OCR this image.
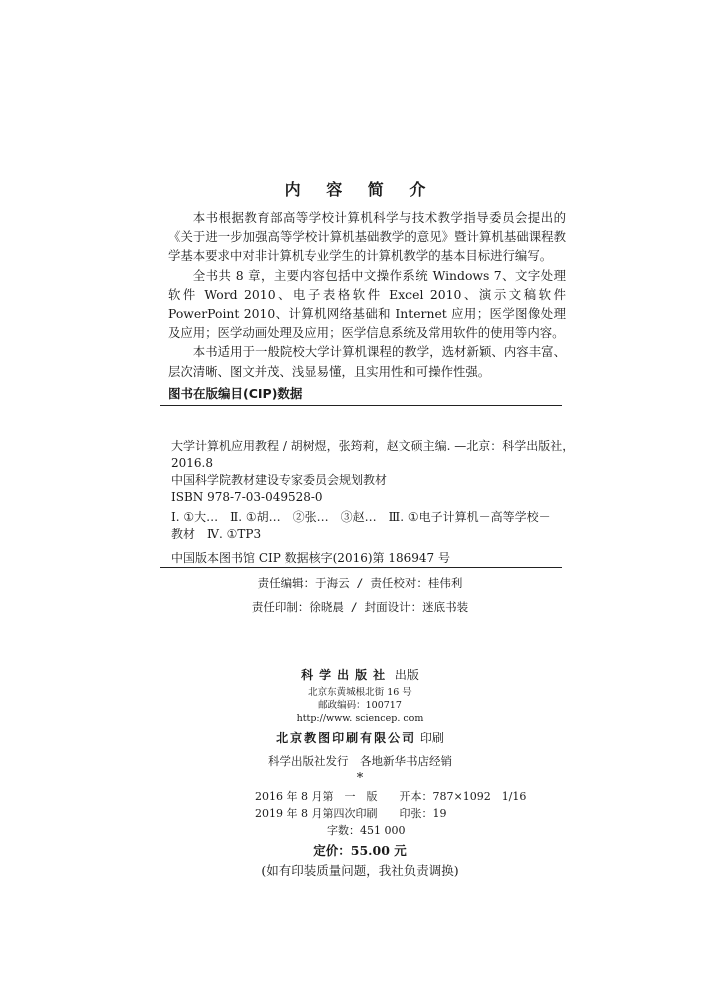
内 容 简 介

本书根据教育部高等学校计算机科学与技术教学指导委员会提出的《关于进一步加强高等学校计算机基础教学的意见》暨计算机基础课程教学基本要求中对非计算机专业学生的计算机教学的基本目标进行编写。

全书共 8 章，主要内容包括中文操作系统 Windows 7、文字处理软件 Word 2010、电子表格软件 Excel 2010、演示文稿软件 PowerPoint 2010、计算机网络基础和 Internet 应用；医学图像处理及应用；医学动画处理及应用；医学信息系统及常用软件的使用等内容。

本书适用于一般院校大学计算机课程的教学，选材新颖、内容丰富、层次清晰、图文并茂、浅显易懂，且实用性和可操作性强。

图书在版编目(CIP)数据
大学计算机应用教程 / 胡树煜，张筠莉，赵文硕主编. —北京：科学出版社，
2016.8
中国科学院教材建设专家委员会规划教材
ISBN 978-7-03-049528-0
Ⅰ. ①大…　Ⅱ. ①胡…　②张…　③赵…　Ⅲ. ①电子计算机－高等学校－
教材　Ⅳ. ①TP3
中国版本图书馆 CIP 数据核字(2016)第 186947 号
责任编辑：于海云 / 责任校对：桂伟利
责任印制：徐晓晨 / 封面设计：迷底书装
科学出版社 出版
北京东黄城根北街 16 号
邮政编码：100717
http://www. sciencep. com
北京教图印刷有限公司 印刷
科学出版社发行　各地新华书店经销
*
2016 年 8 月第　一　版　　开本：787×1092　1/16
2019 年 8 月第四次印刷　　印张：19
字数：451 000
定价：55.00 元
(如有印装质量问题，我社负责调换)
